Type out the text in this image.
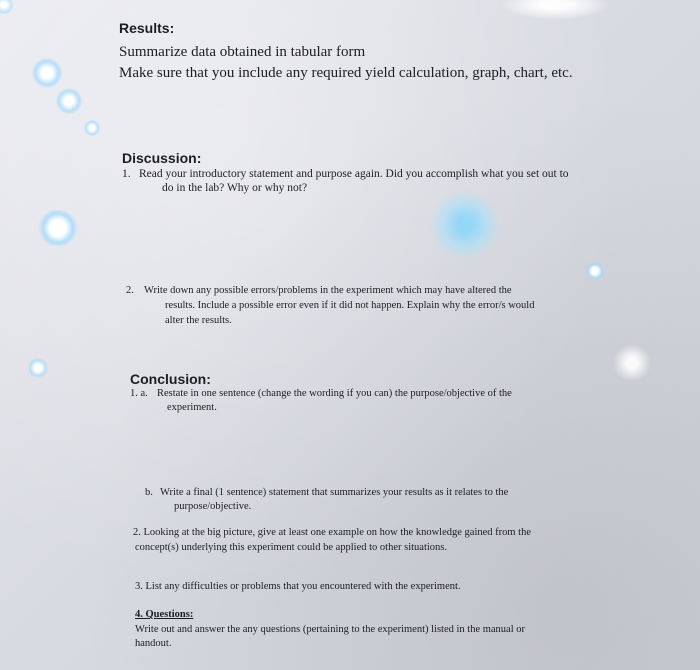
Results:

Summarize data obtained in tabular form

Make sure that you include any required yield calculation, graph, chart, etc.

Discussion:

1. Read your introductory statement and purpose again. Did you accomplish what you set out to

do in the lab? Why or why not?

2. Write down any possible errors/problems in the experiment which may have altered the

results. Include a possible error even if it did not happen. Explain why the error/s would

alter the results.

Conclusion:

1. a. Restate in one sentence (change the wording if you can) the purpose/objective of the

experiment.

b. Write a final (1 sentence) statement that summarizes your results as it relates to the

purpose/objective.

2. Looking at the big picture, give at least one example on how the knowledge gained from the

concept(s) underlying this experiment could be applied to other situations.

3. List any difficulties or problems that you encountered with the experiment.

4. Questions:

Write out and answer the any questions (pertaining to the experiment) listed in the manual or

handout.
